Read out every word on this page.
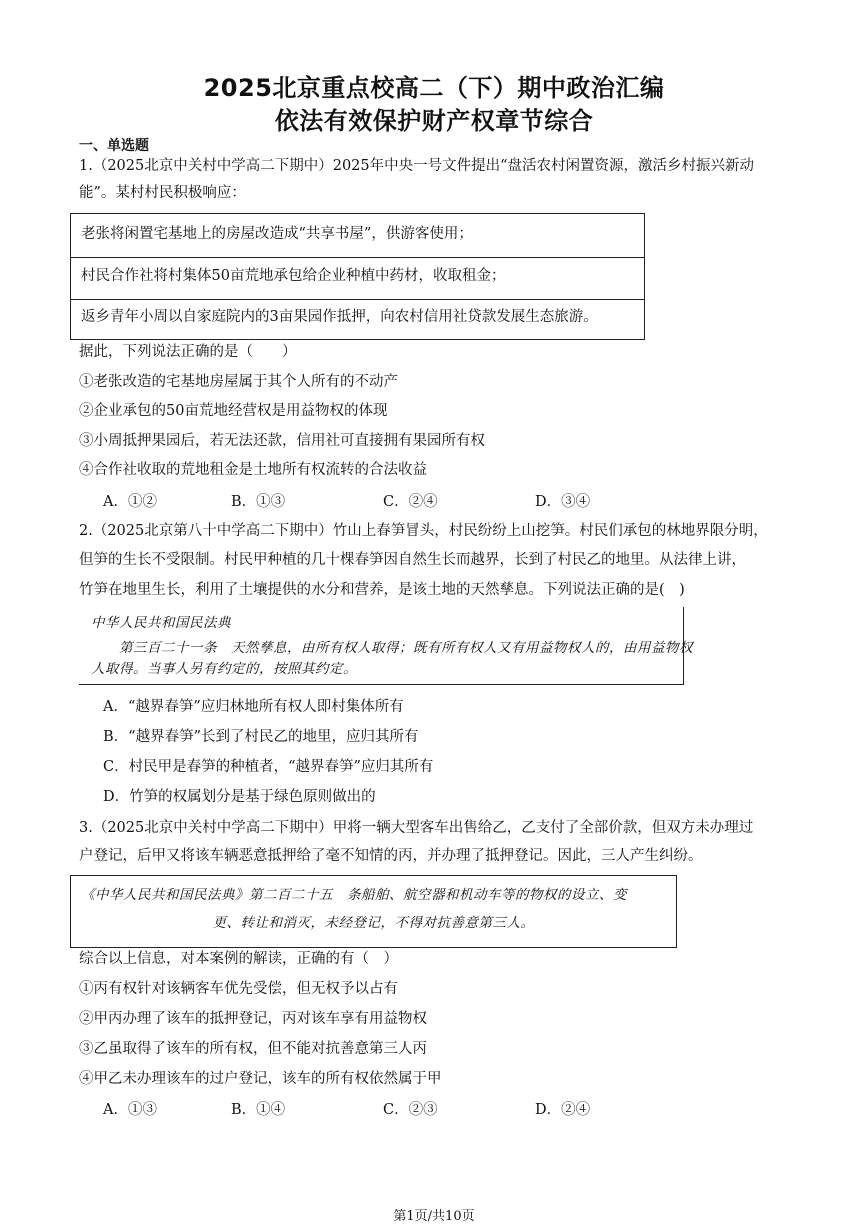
2025北京重点校高二（下）期中政治汇编
依法有效保护财产权章节综合
一、单选题
1.（2025北京中关村中学高二下期中）2025年中央一号文件提出“盘活农村闲置资源，激活乡村振兴新动
能”。某村村民积极响应：
老张将闲置宅基地上的房屋改造成“共享书屋”，供游客使用；
村民合作社将村集体50亩荒地承包给企业种植中药材，收取租金；
返乡青年小周以自家庭院内的3亩果园作抵押，向农村信用社贷款发展生态旅游。
据此，下列说法正确的是（　　）
①老张改造的宅基地房屋属于其个人所有的不动产
②企业承包的50亩荒地经营权是用益物权的体现
③小周抵押果园后，若无法还款，信用社可直接拥有果园所有权
④合作社收取的荒地租金是土地所有权流转的合法收益
A．①②	B．①③	C．②④	D．③④
2.（2025北京第八十中学高二下期中）竹山上春笋冒头，村民纷纷上山挖笋。村民们承包的林地界限分明，
但笋的生长不受限制。村民甲种植的几十棵春笋因自然生长而越界，长到了村民乙的地里。从法律上讲，
竹笋在地里生长，利用了土壤提供的水分和营养，是该土地的天然孳息。下列说法正确的是(　)
中华人民共和国民法典
第三百二十一条　天然孳息，由所有权人取得；既有所有权人又有用益物权人的，由用益物权
人取得。当事人另有约定的，按照其约定。
A．“越界春笋”应归林地所有权人即村集体所有
B．“越界春笋”长到了村民乙的地里，应归其所有
C．村民甲是春笋的种植者，“越界春笋”应归其所有
D．竹笋的权属划分是基于绿色原则做出的
3.（2025北京中关村中学高二下期中）甲将一辆大型客车出售给乙，乙支付了全部价款，但双方未办理过
户登记，后甲又将该车辆恶意抵押给了毫不知情的丙，并办理了抵押登记。因此，三人产生纠纷。
《中华人民共和国民法典》第二百二十五　条船舶、航空器和机动车等的物权的设立、变
更、转让和消灭，未经登记，不得对抗善意第三人。
综合以上信息，对本案例的解读，正确的有（　）
①丙有权针对该辆客车优先受偿，但无权予以占有
②甲丙办理了该车的抵押登记，丙对该车享有用益物权
③乙虽取得了该车的所有权，但不能对抗善意第三人丙
④甲乙未办理该车的过户登记，该车的所有权依然属于甲
A．①③	B．①④	C．②③	D．②④
第1页/共10页
